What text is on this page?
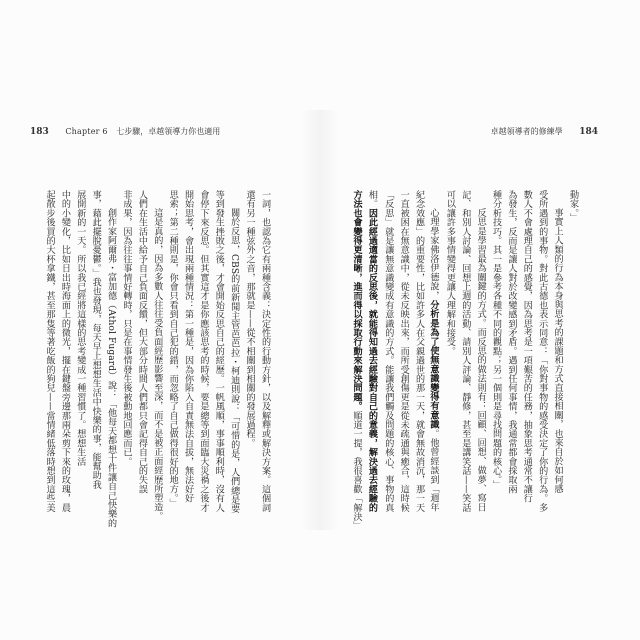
183 Chapter 6 七步驟，卓越領導力你也適用	卓越領導者的修練學 184
一詞，也認為它有兩種含義：決定性的行動方針，以及解釋或解決方案。這個詞
還有另一種弦外之音，那就是——從不相關到相關的發展過程。
關於反思，CBS的前新聞主管芭芭拉・柯迪則說：「可惜的是，人們總是要
等到發生挫敗之後，才會開始反思自己的經歷。一帆風順，事事順利時，沒有人
會停下來反思。但其實這才是你應該思考的時候，要是總等到面臨大災禍之後才
開始思考，會出現兩種情況：第一種是，因為你陷入自責無法自拔，無法好好
思索；第二種則是，你會只看到自己犯的錯，而忽略了自己做得很好的地方。」
這是真的，因為多數人往往受負面經歷影響至深，而不是被正面經歷所塑造。
人們在生活中給予自己負面反饋，但大部分時間人們都只會記得自己的失誤
非成果，因為往往事情好轉時，只是在事情發生後被動地回應而已。
創作家阿爾弗・富加德（Athol Fugard）說：「他每天都想十件讓自己快樂的
事，藉此擺脫憂鬱。」我也發現，每天早上想想生活中快樂的事，能幫助我
展開新的一天。所以我已經將這樣的思考變成一種習慣了。想想生活
中的小變化，比如日出時海面上的微光，擺在鍵盤旁邊那兩朵剪下來的玫瑰，晨
起散步後買的大杯拿鐵，甚至那隻等著吃飯的狗兒——當情緒低落時想到這些美	動家。」
事實上人類的行為本身與思考的課題和方式直接相關，也來自於如何感
受所遇到的事物。對此古德也表示同意：「你對事物的感受決定了你的行為。多
數人不會處理自己的感覺，因為思考是一項艱苦的任務，抽象思考通常不讓行
為發生，反而是讓人對於改變感到矛盾。遇到任何事情，我通常都會採取兩
種分析技巧。其一是參考各種不同的觀點；另一個則是尋找問題的核心。」
反思是學習最為關鍵的方式。而反思的做法則有：回顧、回想、做夢、寫日
記、和別人討論、回想上週的活動、請別人評論、靜修，甚至是講笑話——笑話
可以讓許多事情變得更讓人理解和接受。
心理學家佛洛伊德說，分析是為了使無意識變得有意識。他曾經談到「週年
紀念效應」的重要性，比如許多人在父親過世的那一天，就會無故消沉，那一天
一直被困在無意識中，從未反映出來，而所受創傷更是從未疏通與癒合，這時候
「反思」就是讓無意識變成有意識的方式。能讓我們觸及問題的核心、事物的真
相。因此經過適當的反思後，就能得知過去經驗對自己的意義，解決過去經驗的
方法也會變得更清晰，進而得以採取行動來解決問題。順道一提，我很喜歡「解決」
